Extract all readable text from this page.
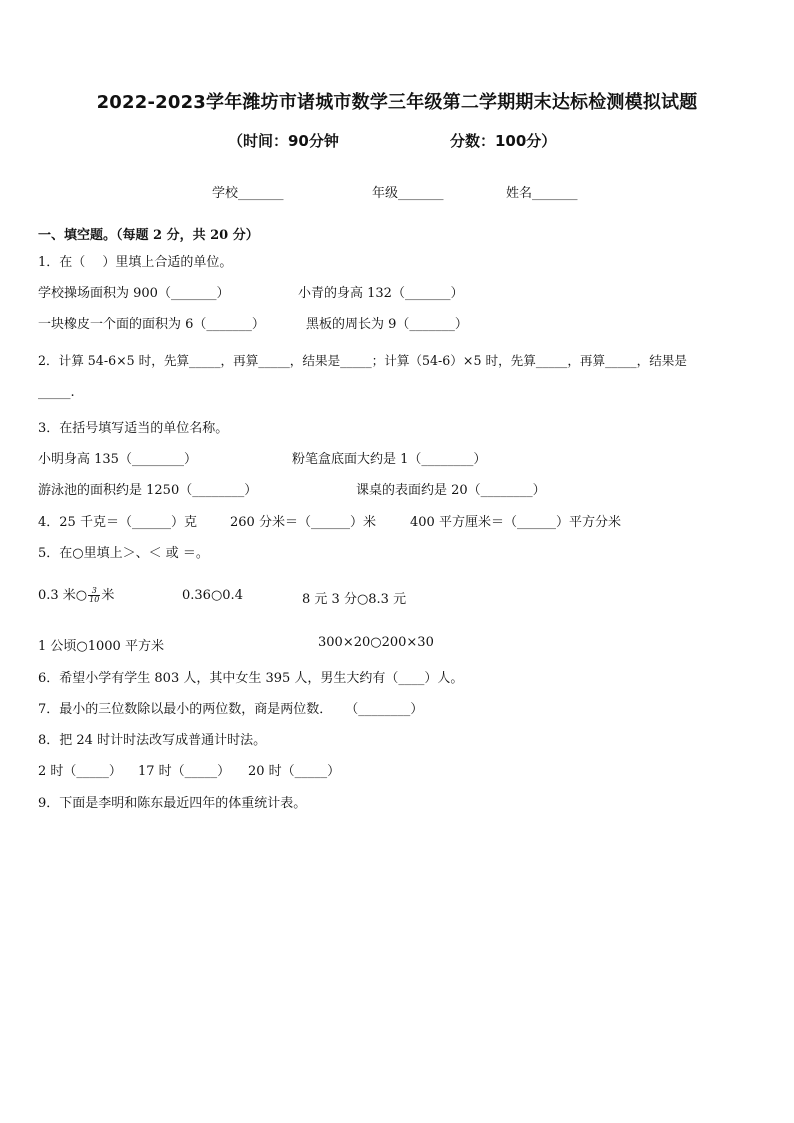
2022-2023学年潍坊市诸城市数学三年级第二学期期末达标检测模拟试题
（时间：90分钟	分数：100分）
学校_______	年级_______	姓名_______
一、填空题。（每题 2 分，共 20 分）
1．在（　 ）里填上合适的单位。
学校操场面积为 900（_______）	小青的身高 132（_______）
一块橡皮一个面的面积为 6（_______）	黑板的周长为 9（_______）
2．计算 54-6×5 时，先算_____，再算_____，结果是_____；计算（54-6）×5 时，先算_____，再算_____，结果是
_____.
3．在括号填写适当的单位名称。
小明身高 135（________）	粉笔盒底面大约是 1（________）
游泳池的面积约是 1250（________）	课桌的表面约是 20（________）
4．25 千克＝（______）克	260 分米＝（______）米	400 平方厘米＝（______）平方分米
5．在○里填上＞、＜ 或 ＝。
0.3 米○ $\frac{3}{10}$ 米	0.36○0.4	8 元 3 分○8.3 元
1 公顷○1000 平方米	300×20○200×30
6．希望小学有学生 803 人，其中女生 395 人，男生大约有（____）人。
7．最小的三位数除以最小的两位数，商是两位数．　　（________）
8．把 24 时计时法改写成普通计时法。
2 时（_____） 17 时（_____） 20 时（_____）
9．下面是李明和陈东最近四年的体重统计表。
